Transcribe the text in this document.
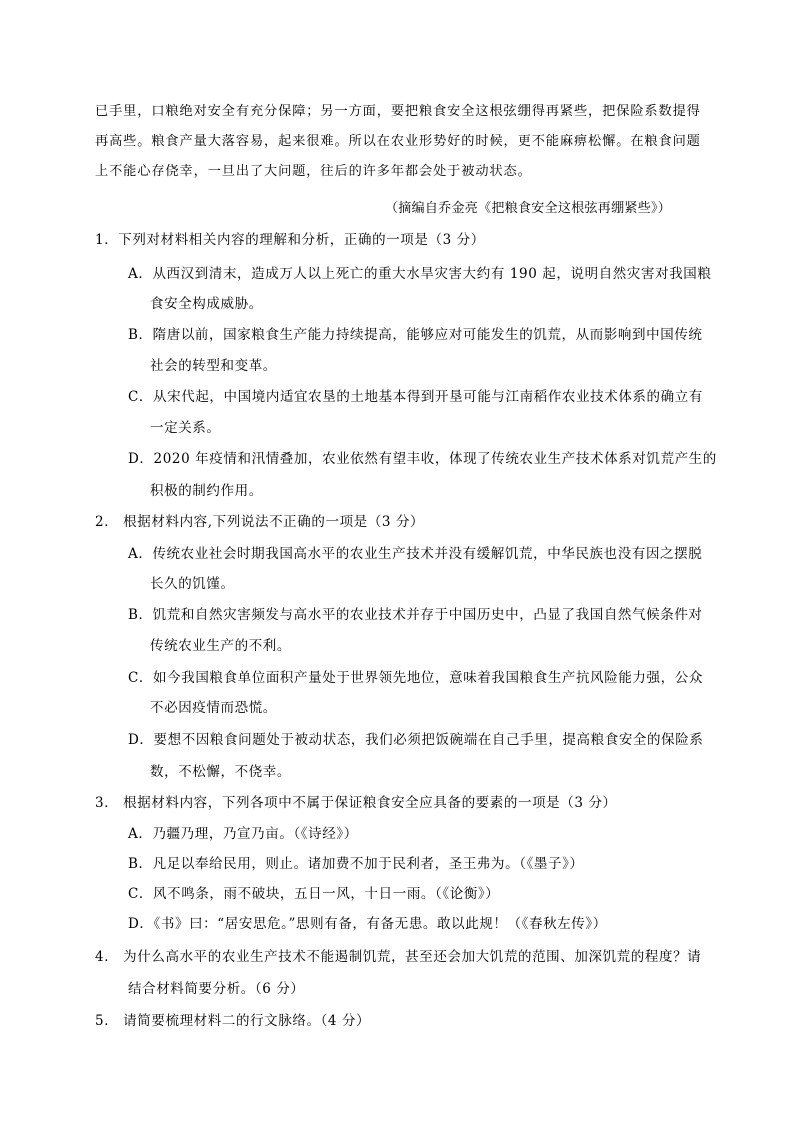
已手里，口粮绝对安全有充分保障；另一方面，要把粮食安全这根弦绷得再紧些，把保险系数提得
再高些。粮食产量大落容易，起来很难。所以在农业形势好的时候，更不能麻痹松懈。在粮食问题
上不能心存侥幸，一旦出了大问题，往后的许多年都会处于被动状态。
（摘编自乔金亮《把粮食安全这根弦再绷紧些》）
1．下列对材料相关内容的理解和分析，正确的一项是（3 分）
A．从西汉到清末，造成万人以上死亡的重大水旱灾害大约有 190 起，说明自然灾害对我国粮
食安全构成威胁。
B．隋唐以前，国家粮食生产能力持续提高，能够应对可能发生的饥荒，从而影响到中国传统
社会的转型和变革。
C．从宋代起，中国境内适宜农垦的土地基本得到开垦可能与江南稻作农业技术体系的确立有
一定关系。
D．2020 年疫情和汛情叠加，农业依然有望丰收，体现了传统农业生产技术体系对饥荒产生的
积极的制约作用。
2． 根据材料内容,下列说法不正确的一项是（3 分）
A．传统农业社会时期我国高水平的农业生产技术并没有缓解饥荒，中华民族也没有因之摆脱
长久的饥馑。
B．饥荒和自然灾害频发与高水平的农业技术并存于中国历史中，凸显了我国自然气候条件对
传统农业生产的不利。
C．如今我国粮食单位面积产量处于世界领先地位，意味着我国粮食生产抗风险能力强，公众
不必因疫情而恐慌。
D．要想不因粮食问题处于被动状态，我们必须把饭碗端在自己手里，提高粮食安全的保险系
数，不松懈，不侥幸。
3． 根据材料内容，下列各项中不属于保证粮食安全应具备的要素的一项是（3 分）
A．乃疆乃理，乃宣乃亩。（《诗经》）
B．凡足以奉给民用，则止。诸加费不加于民利者，圣王弗为。（《墨子》）
C．风不鸣条，雨不破块，五日一风，十日一雨。（《论衡》）
D．《书》曰：“居安思危。”思则有备，有备无患。敢以此规！（《春秋左传》）
4． 为什么高水平的农业生产技术不能遏制饥荒，甚至还会加大饥荒的范围、加深饥荒的程度？请
结合材料简要分析。（6 分）
5． 请简要梳理材料二的行文脉络。（4 分）
